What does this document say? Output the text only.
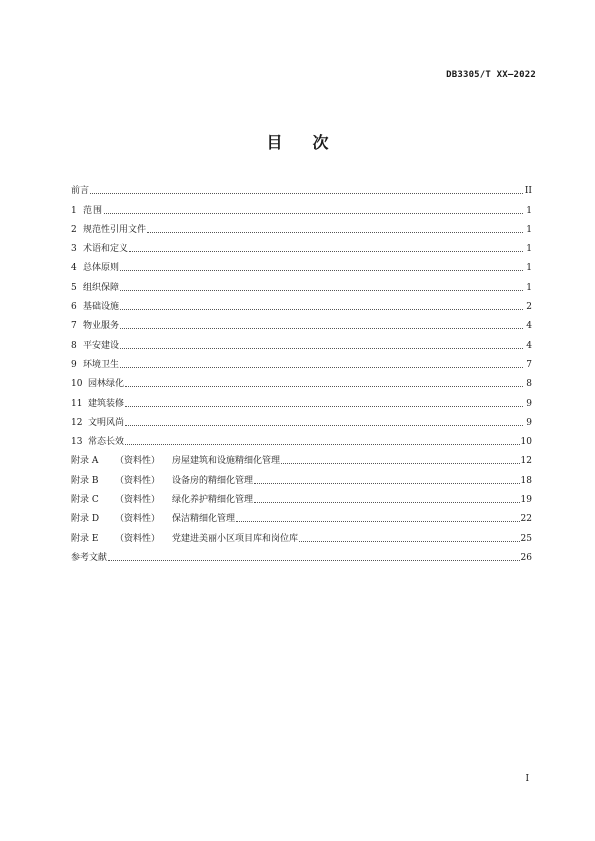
DB3305/T XX—2022
目 次
前言	II
1 范围	1
2 规范性引用文件	1
3 术语和定义	1
4 总体原则	1
5 组织保障	1
6 基础设施	2
7 物业服务	4
8 平安建设	4
9 环境卫生	7
10 园林绿化	8
11 建筑装修	9
12 文明风尚	9
13 常态长效	10
附录 A	（资料性）	房屋建筑和设施精细化管理	12
附录 B	（资料性）	设备房的精细化管理	18
附录 C	（资料性）	绿化养护精细化管理	19
附录 D	（资料性）	保洁精细化管理	22
附录 E	（资料性）	党建进美丽小区项目库和岗位库	25
参考文献	26
I
